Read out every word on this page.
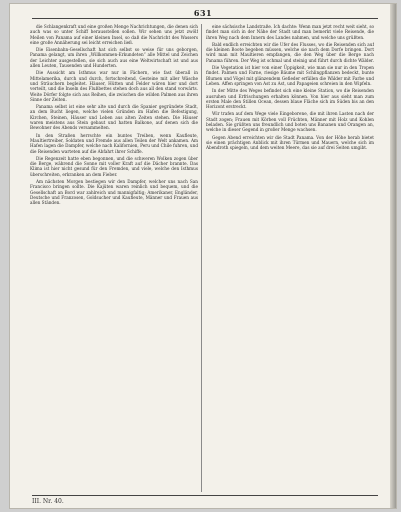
631

die Schlangenkraft und eine großen Menge Nachrichtungen, die denen sich auch was so unter Schiff herausstellen sollen. Wir sehen uns jetzt zwölf Meilen von Panama auf einer kleinen Insel, so daß die Nachricht des Wassers eine große Annäherung sei leicht erreichen ließ.

Die Eisenbahn-Gesellschaft hat sich selbst so weise für uns geborgen, Panama gelangt, um ihren „Willkommen-Erkundeten“ alle Mittel und Zeichen der Leichter ausgestellen, sie sich auch aus eine Weltwirtschaft ist und aus allen Leuten, Tausenden und Hunderten.

Die Aussicht am Isthmus war nur in Fächern, wie fast überall in Mittelamerika, durch und durch, fortschreitend, Gesteine mit aller Wäsche und Sträuchern begleitet. Häuser, Hütten und Felder wären hier und dort verteilt, und die Inseln des Flußbettes stehen doch aus all den stand vorwärts. Weite Dörfer folgte sich aus Reihen, die zwischen die wilden Palmen aus ihren Sinne der Zeiten.

Panama selbst ist eine sehr alte und durch die Spanier gegründete Stadt, an dem Bucht liegen, welche vielen Gründen im Hafen die Befestigung, Kirchen, Steinen, Häuser und Leben aus alten Zeiten stehen. Die Häuser waren meistens aus Stein gebaut und hatten Balkone, auf denen sich die Bewohner des Abends versammelten.

In den Straßen herrschte ein buntes Treiben, wenn Kaufleute, Maultiertreiber, Soldaten und Fremde aus allen Teilen der Welt ankamen. Am Hafen lagen die Dampfer, welche nach Kalifornien, Peru und Chile fuhren, und die Reisenden warteten auf die Abfahrt ihrer Schiffe.

Die Regenzeit hatte eben begonnen, und die schweren Wolken zogen über die Berge, während die Sonne mit voller Kraft auf die Dächer brannte. Das Klima ist hier nicht gesund für den Fremden, und viele, welche den Isthmus überschreiten, erkranken an dem Fieber.

Am nächsten Morgen bestiegen wir den Dampfer, welcher uns nach San Francisco bringen sollte. Die Kajüten waren reinlich und bequem, und die Gesellschaft an Bord war zahlreich und mannigfaltig; Amerikaner, Engländer, Deutsche und Franzosen, Goldsucher und Kaufleute, Männer und Frauen aus allen Ständen.

eine sächsische Landstraße. Ich dachte: Wenn man jetzt recht weit sieht, so findet man sich in der Nähe der Stadt und man bemerkt viele Reisende, die ihren Weg nach dem Innern des Landes nahmen, und welche uns grüßten.

Bald endlich erreichten wir die Ufer des Flusses, wo die Reisenden sich auf die kleinen Boote begeben müssen, welche sie nach dem Dorfe bringen. Dort wird man mit Maultieren empfangen, die den Weg über die Berge nach Panama führen. Der Weg ist schmal und steinig und führt durch dichte Wälder.

Die Vegetation ist hier von einer Üppigkeit, wie man sie nur in den Tropen findet. Palmen und Farne, riesige Bäume mit Schlingpflanzen bedeckt, bunte Blumen und Vögel mit glänzendem Gefieder erfüllen die Wälder mit Farbe und Leben. Affen springen von Ast zu Ast, und Papageien schreien in den Wipfeln.

In der Mitte des Weges befindet sich eine kleine Station, wo die Reisenden ausruhen und Erfrischungen erhalten können. Von hier aus sieht man zum ersten Male den Stillen Ocean, dessen blaue Fläche sich im Süden bis an den Horizont erstreckt.

Wir trafen auf dem Wege viele Eingeborene, die mit ihren Lasten nach der Stadt zogen; Frauen mit Körben voll Früchten, Männer mit Holz und Kohlen beladen. Sie grüßten uns freundlich und boten uns Bananen und Orangen an, welche in dieser Gegend in großer Menge wachsen.

Gegen Abend erreichten wir die Stadt Panama. Von der Höhe herab bietet sie einen prächtigen Anblick mit ihren Türmen und Mauern, welche sich im Abendroth spiegeln, und dem weiten Meere, das sie auf drei Seiten umgibt.

III. Nr. 40.
